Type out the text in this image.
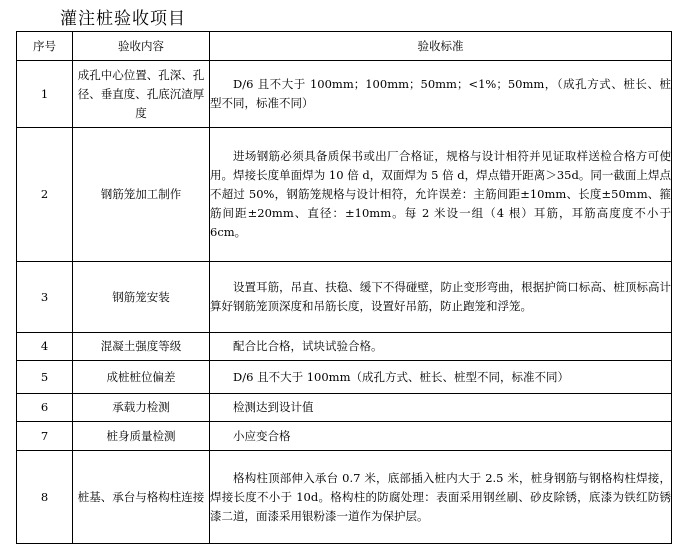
灌注桩验收项目
序号	验收内容	验收标准
1	成孔中心位置、孔深、孔径、垂直度、孔底沉渣厚度	D/6 且不大于 100mm；100mm；50mm；<1%；50mm，（成孔方式、桩长、桩型不同，标准不同）
2	钢筋笼加工制作	进场钢筋必须具备质保书或出厂合格证，规格与设计相符并见证取样送检合格方可使用。焊接长度单面焊为 10 倍 d，双面焊为 5 倍 d，焊点错开距离＞35d。同一截面上焊点不超过 50%，钢筋笼规格与设计相符，允许误差：主筋间距±10mm、长度±50mm、箍筋间距±20mm、直径：±10mm。每 2 米设一组（4 根）耳筋，耳筋高度度不小于 6cm。
3	钢筋笼安装	设置耳筋，吊直、扶稳、缓下不得碰壁，防止变形弯曲，根据护筒口标高、桩顶标高计算好钢筋笼顶深度和吊筋长度，设置好吊筋，防止跑笼和浮笼。
4	混凝土强度等级	配合比合格，试块试验合格。
5	成桩桩位偏差	D/6 且不大于 100mm（成孔方式、桩长、桩型不同，标准不同）
6	承载力检测	检测达到设计值
7	桩身质量检测	小应变合格
8	桩基、承台与格构柱连接	格构柱顶部伸入承台 0.7 米，底部插入桩内大于 2.5 米，桩身钢筋与钢格构柱焊接，焊接长度不小于 10d。格构柱的防腐处理：表面采用钢丝刷、砂皮除锈，底漆为铁红防锈漆二道，面漆采用银粉漆一道作为保护层。
